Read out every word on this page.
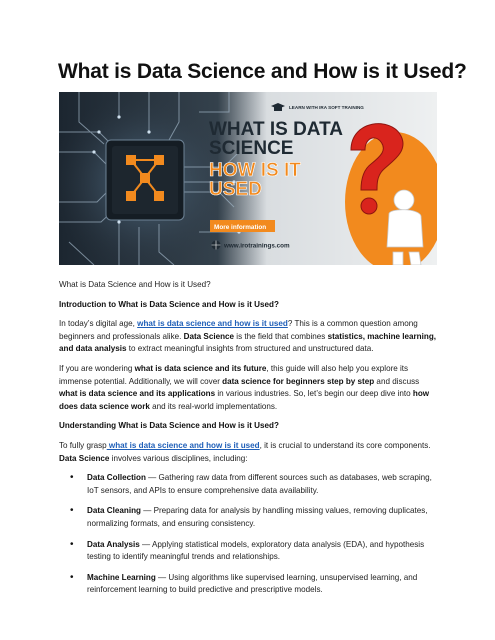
What is Data Science and How is it Used?
LEARN WITH IRA SOFT TRAINING
WHAT IS DATA
SCIENCE
HOW IS IT
USED
More information
www.irotrainings.com

What is Data Science and How is it Used?

Introduction to What is Data Science and How is it Used?

In today’s digital age, what is data science and how is it used? This is a common question among beginners and professionals alike. Data Science is the field that combines statistics, machine learning, and data analysis to extract meaningful insights from structured and unstructured data.

If you are wondering what is data science and its future, this guide will also help you explore its immense potential. Additionally, we will cover data science for beginners step by step and discuss what is data science and its applications in various industries. So, let’s begin our deep dive into how does data science work and its real-world implementations.

Understanding What is Data Science and How is it Used?

To fully grasp what is data science and how is it used, it is crucial to understand its core components. Data Science involves various disciplines, including:

• Data Collection — Gathering raw data from different sources such as databases, web scraping, IoT sensors, and APIs to ensure comprehensive data availability.
• Data Cleaning — Preparing data for analysis by handling missing values, removing duplicates, normalizing formats, and ensuring consistency.
• Data Analysis — Applying statistical models, exploratory data analysis (EDA), and hypothesis testing to identify meaningful trends and relationships.
• Machine Learning — Using algorithms like supervised learning, unsupervised learning, and reinforcement learning to build predictive and prescriptive models.
